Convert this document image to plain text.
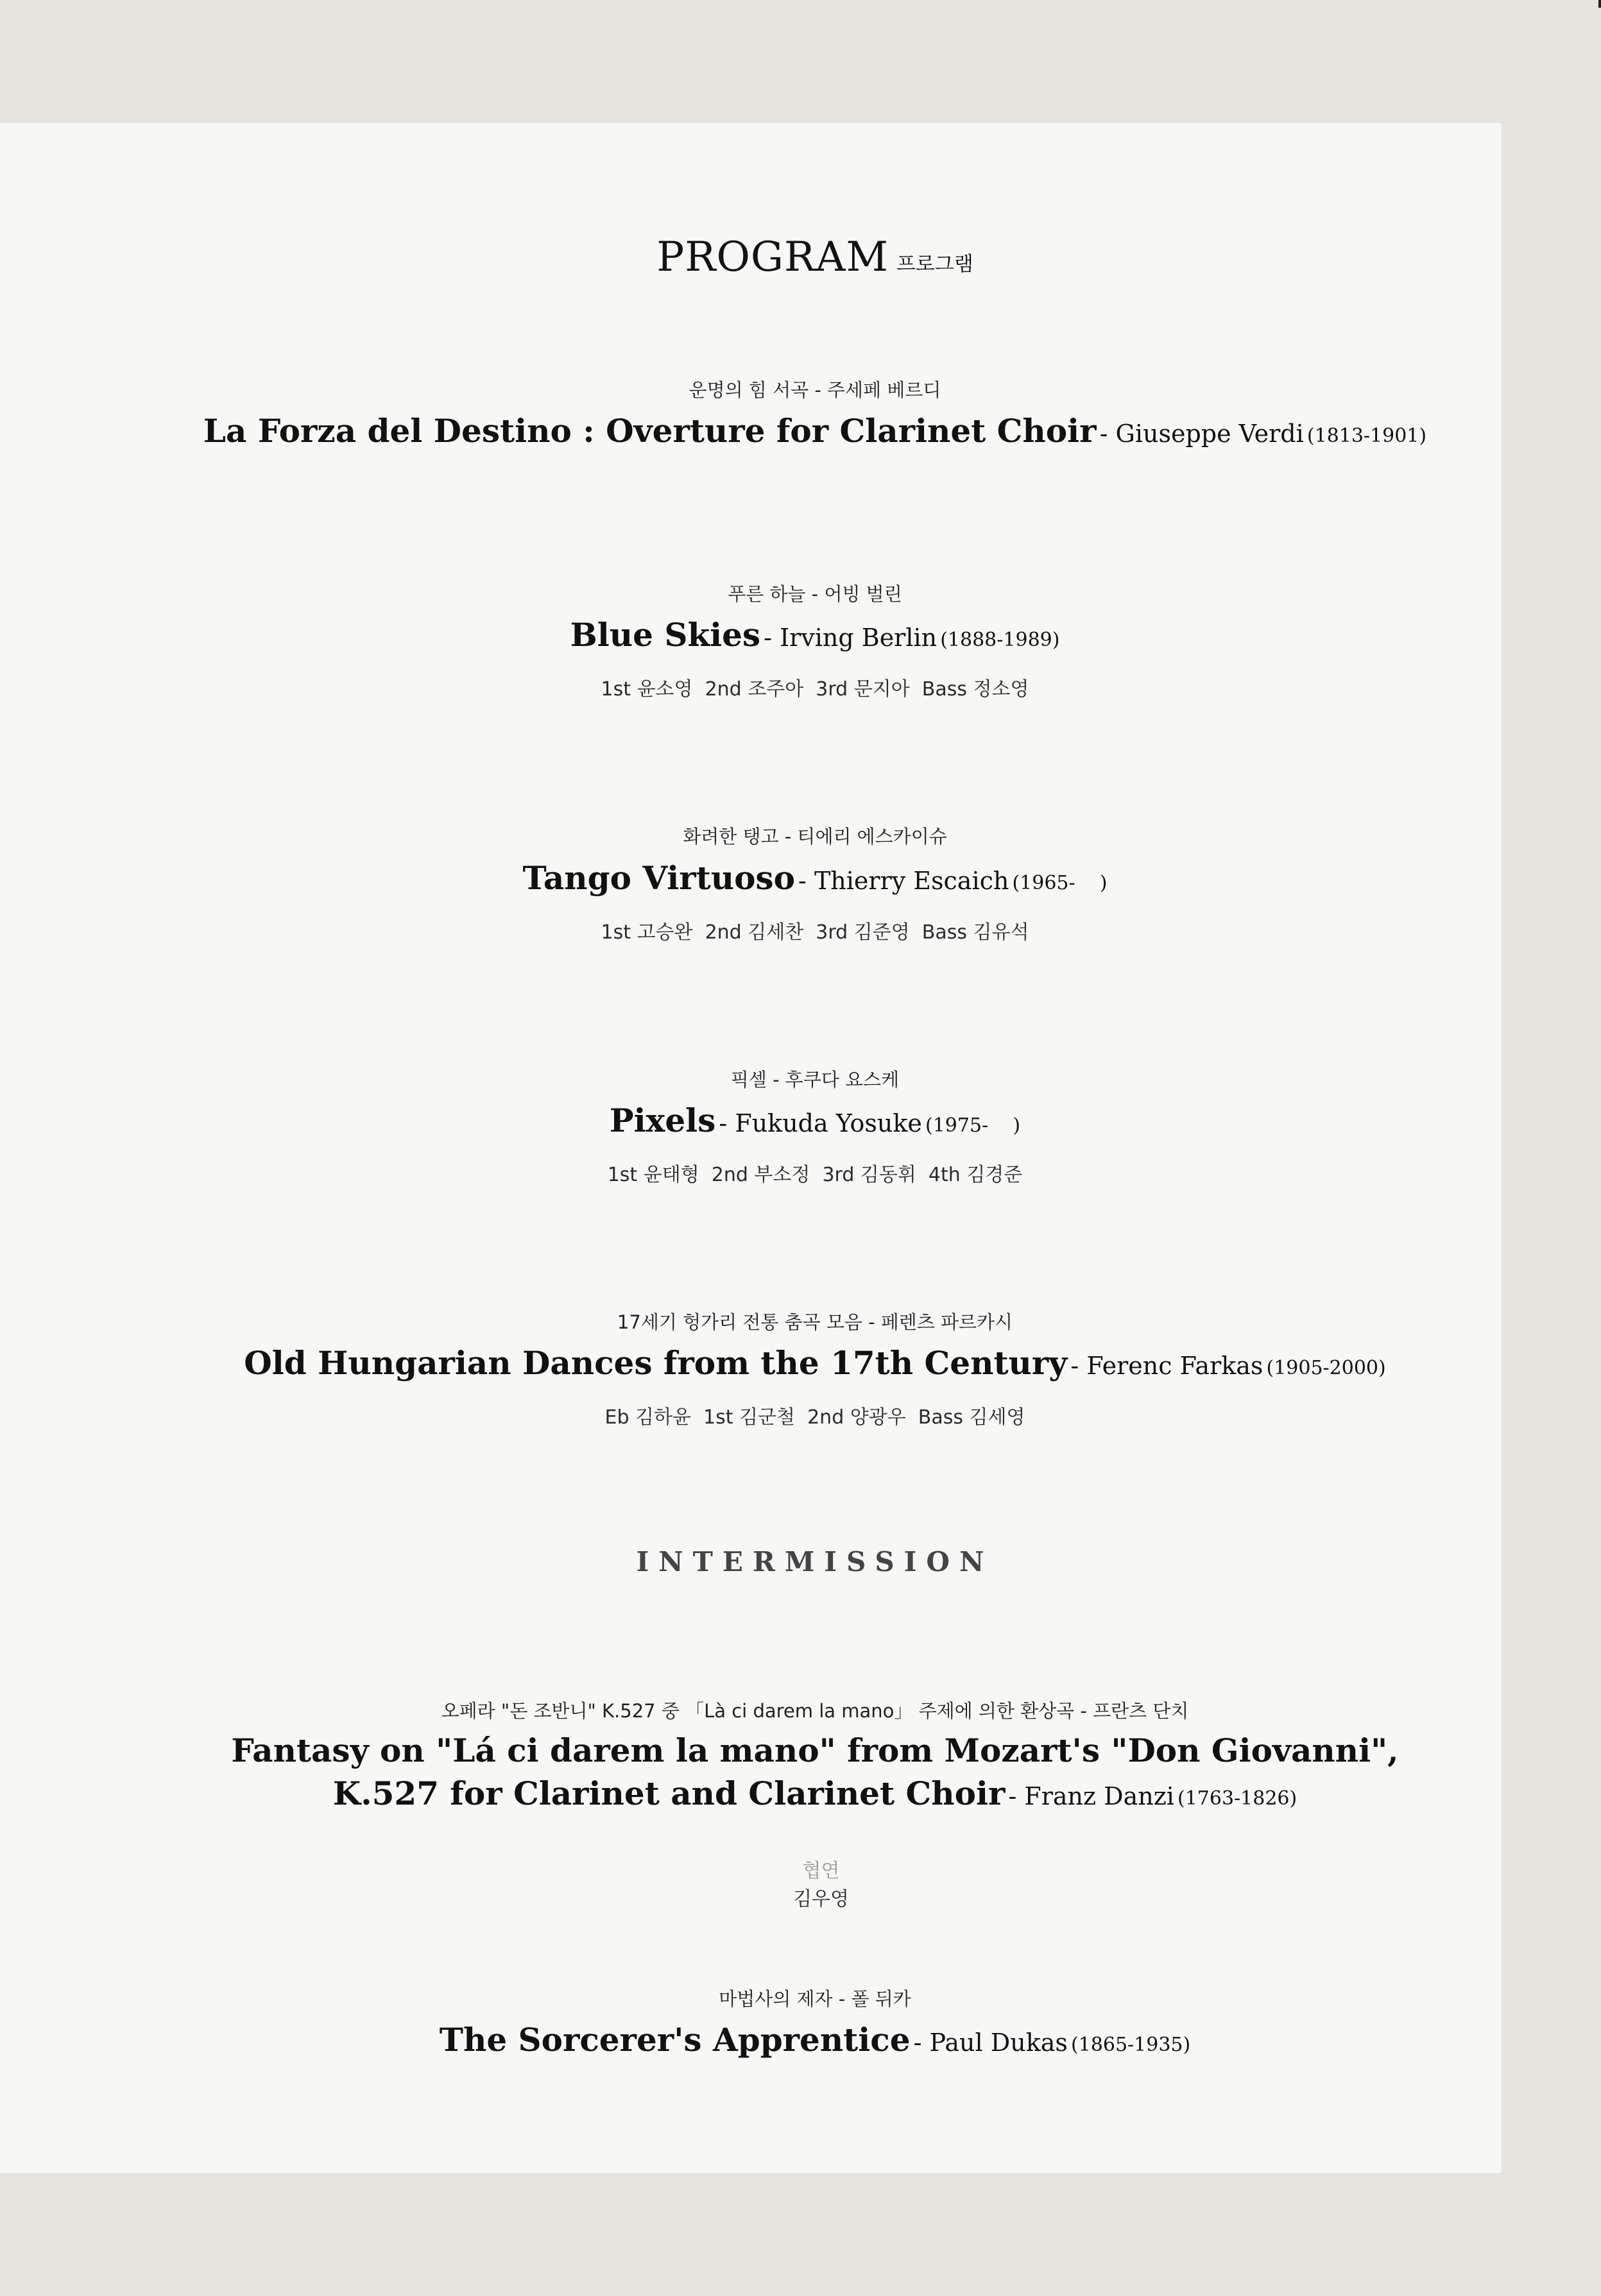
PROGRAM 프로그램
운명의 힘 서곡 - 주세페 베르디
La Forza del Destino : Overture for Clarinet Choir - Giuseppe Verdi (1813-1901)
푸른 하늘 - 어빙 벌린
Blue Skies - Irving Berlin (1888-1989)
1st 윤소영  2nd 조주아  3rd 문지아  Bass 정소영
화려한 탱고 - 티에리 에스카이슈
Tango Virtuoso - Thierry Escaich (1965-    )
1st 고승완  2nd 김세찬  3rd 김준영  Bass 김유석
픽셀 - 후쿠다 요스케
Pixels - Fukuda Yosuke (1975-    )
1st 윤태형  2nd 부소정  3rd 김동휘  4th 김경준
17세기 헝가리 전통 춤곡 모음 - 페렌츠 파르카시
Old Hungarian Dances from the 17th Century - Ferenc Farkas (1905-2000)
Eb 김하윤  1st 김군철  2nd 양광우  Bass 김세영
INTERMISSION
오페라 "돈 조반니" K.527 중 「Là ci darem la mano」 주제에 의한 환상곡 - 프란츠 단치
Fantasy on "Lá ci darem la mano" from Mozart's "Don Giovanni",
K.527 for Clarinet and Clarinet Choir - Franz Danzi (1763-1826)

협연
김우영

마법사의 제자 - 폴 뒤카
The Sorcerer's Apprentice - Paul Dukas (1865-1935)
